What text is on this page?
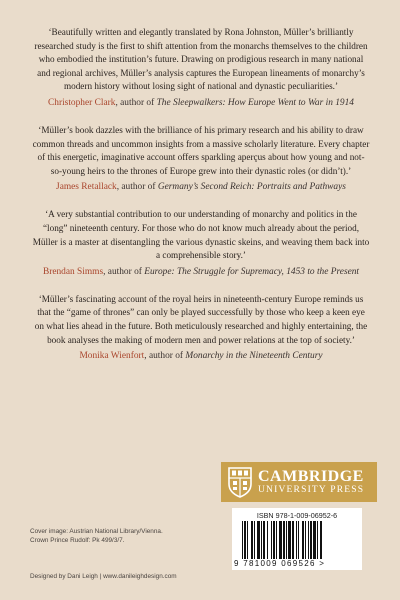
‘Beautifully written and elegantly translated by Rona Johnston, Müller’s brilliantly researched study is the first to shift attention from the monarchs themselves to the children who embodied the institution’s future. Drawing on prodigious research in many national and regional archives, Müller’s analysis captures the European lineaments of monarchy’s modern history without losing sight of national and dynastic peculiarities.’

Christopher Clark, author of The Sleepwalkers: How Europe Went to War in 1914

‘Müller’s book dazzles with the brilliance of his primary research and his ability to draw common threads and uncommon insights from a massive scholarly literature. Every chapter of this energetic, imaginative account offers sparkling aperçus about how young and not-so-young heirs to the thrones of Europe grew into their dynastic roles (or didn’t).’

James Retallack, author of Germany’s Second Reich: Portraits and Pathways

‘A very substantial contribution to our understanding of monarchy and politics in the “long” nineteenth century. For those who do not know much already about the period, Müller is a master at disentangling the various dynastic skeins, and weaving them back into a comprehensible story.’

Brendan Simms, author of Europe: The Struggle for Supremacy, 1453 to the Present

‘Müller’s fascinating account of the royal heirs in nineteenth-century Europe reminds us that the “game of thrones” can only be played successfully by those who keep a keen eye on what lies ahead in the future. Both meticulously researched and highly entertaining, the book analyses the making of modern men and power relations at the top of society.’

Monika Wienfort, author of Monarchy in the Nineteenth Century

CAMBRIDGE
UNIVERSITY PRESS
ISBN 978-1-009-06952-6
9 781009 069526 >

Cover image: Austrian National Library/Vienna.

Crown Prince Rudolf: Pk 499/3/7.

Designed by Dani Leigh | www.danileighdesign.com
